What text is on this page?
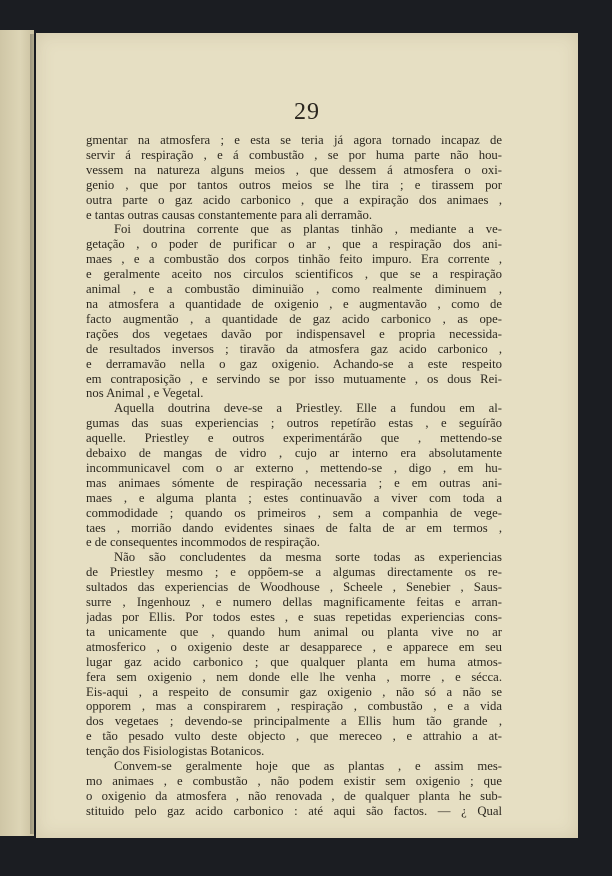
29
gmentar na atmosfera ; e esta se teria já agora tornado incapaz de
servir á respiração , e á combustão , se por huma parte não hou-
vessem na natureza alguns meios , que dessem á atmosfera o oxi-
genio , que por tantos outros meios se lhe tira ; e tirassem por
outra parte o gaz acido carbonico , que a expiração dos animaes ,
e tantas outras causas constantemente para ali derramão.
Foi doutrina corrente que as plantas tinhão , mediante a ve-
getação , o poder de purificar o ar , que a respiração dos ani-
maes , e a combustão dos corpos tinhão feito impuro. Era corrente ,
e geralmente aceito nos circulos scientificos , que se a respiração
animal , e a combustão diminuião , como realmente diminuem ,
na atmosfera a quantidade de oxigenio , e augmentavão , como de
facto augmentão , a quantidade de gaz acido carbonico , as ope-
rações dos vegetaes davão por indispensavel e propria necessida-
de resultados inversos ; tiravão da atmosfera gaz acido carbonico ,
e derramavão nella o gaz oxigenio. Achando-se a este respeito
em contraposição , e servindo se por isso mutuamente , os dous Rei-
nos Animal , e Vegetal.
Aquella doutrina deve-se a Priestley. Elle a fundou em al-
gumas das suas experiencias ; outros repetírão estas , e seguírão
aquelle. Priestley e outros experimentárão que , mettendo-se
debaixo de mangas de vidro , cujo ar interno era absolutamente
incommunicavel com o ar externo , mettendo-se , digo , em hu-
mas animaes sómente de respiração necessaria ; e em outras ani-
maes , e alguma planta ; estes continuavão a viver com toda a
commodidade ; quando os primeiros , sem a companhia de vege-
taes , morrião dando evidentes sinaes de falta de ar em termos ,
e de consequentes incommodos de respiração.
Não são concludentes da mesma sorte todas as experiencias
de Priestley mesmo ; e oppõem-se a algumas directamente os re-
sultados das experiencias de Woodhouse , Scheele , Senebier , Saus-
surre , Ingenhouz , e numero dellas magnificamente feitas e arran-
jadas por Ellis. Por todos estes , e suas repetidas experiencias cons-
ta unicamente que , quando hum animal ou planta vive no ar
atmosferico , o oxigenio deste ar desapparece , e apparece em seu
lugar gaz acido carbonico ; que qualquer planta em huma atmos-
fera sem oxigenio , nem donde elle lhe venha , morre , e sécca.
Eis-aqui , a respeito de consumir gaz oxigenio , não só a não se
opporem , mas a conspirarem , respiração , combustão , e a vida
dos vegetaes ; devendo-se principalmente a Ellis hum tão grande ,
e tão pesado vulto deste objecto , que mereceo , e attrahio a at-
tenção dos Fisiologistas Botanicos.
Convem-se geralmente hoje que as plantas , e assim mes-
mo animaes , e combustão , não podem existir sem oxigenio ; que
o oxigenio da atmosfera , não renovada , de qualquer planta he sub-
stituido pelo gaz acido carbonico : até aqui são factos. — ¿ Qual
